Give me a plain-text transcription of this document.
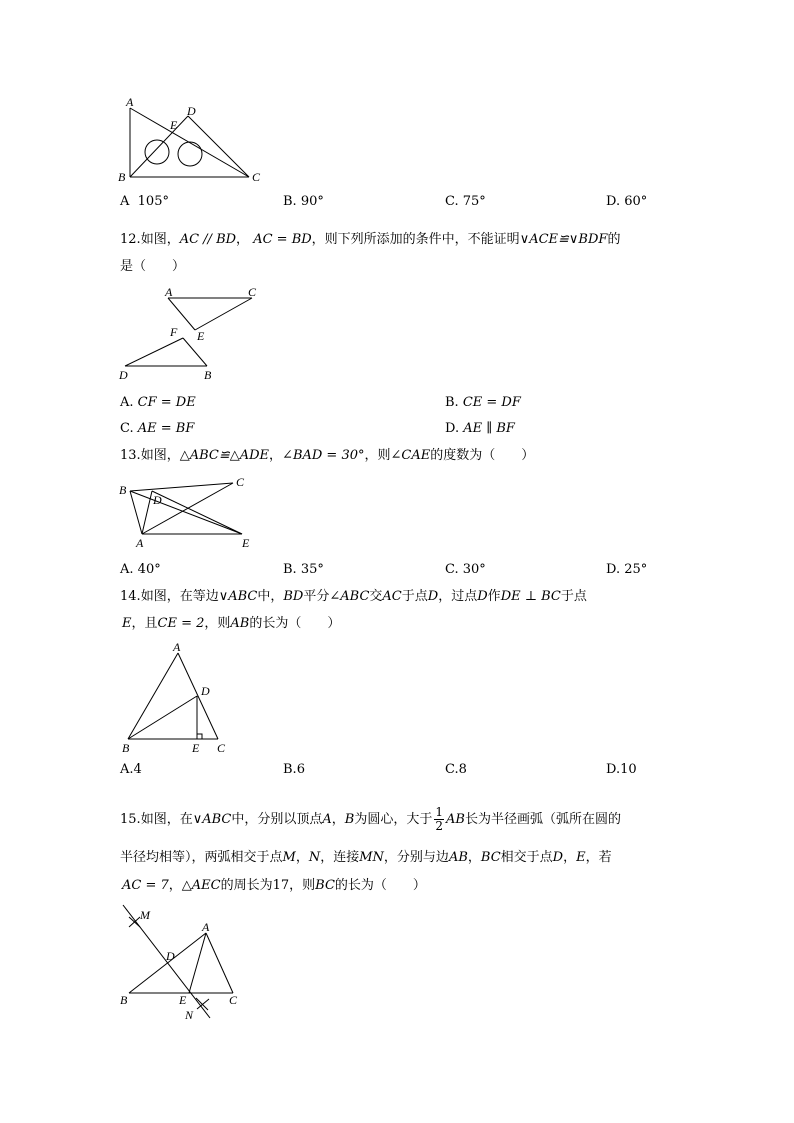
A
D
E
B	C
A 105°	B. 90°	C. 75°	D. 60°
12.如图，AC // BD， AC = BD，则下列所添加的条件中，不能证明∨ACE≌∨BDF的
是（　　）
A	C
F E
D	B
A. CF = DE	B. CE = DF
C. AE = BF	D. AE ∥ BF
13.如图，△ABC≌△ADE，∠BAD = 30°，则∠CAE的度数为（　　）
B
C
D
A	E
A. 40°	B. 35°	C. 30°	D. 25°
14.如图，在等边∨ABC中，BD平分∠ABC交AC于点D，过点D作DE ⊥ BC于点
E，且CE = 2，则AB的长为（　　）
A
D
B	E C
A.4	B.6	C.8	D.10
15.如图，在∨ABC中，分别以顶点A，B为圆心，大于 $\frac{1}{2}$ AB长为半径画弧（弧所在圆的
半径均相等），两弧相交于点M，N，连接MN，分别与边AB，BC相交于点D，E，若
AC = 7，△AEC的周长为17，则BC的长为（　　）
M
A
D
B	E	C
N
